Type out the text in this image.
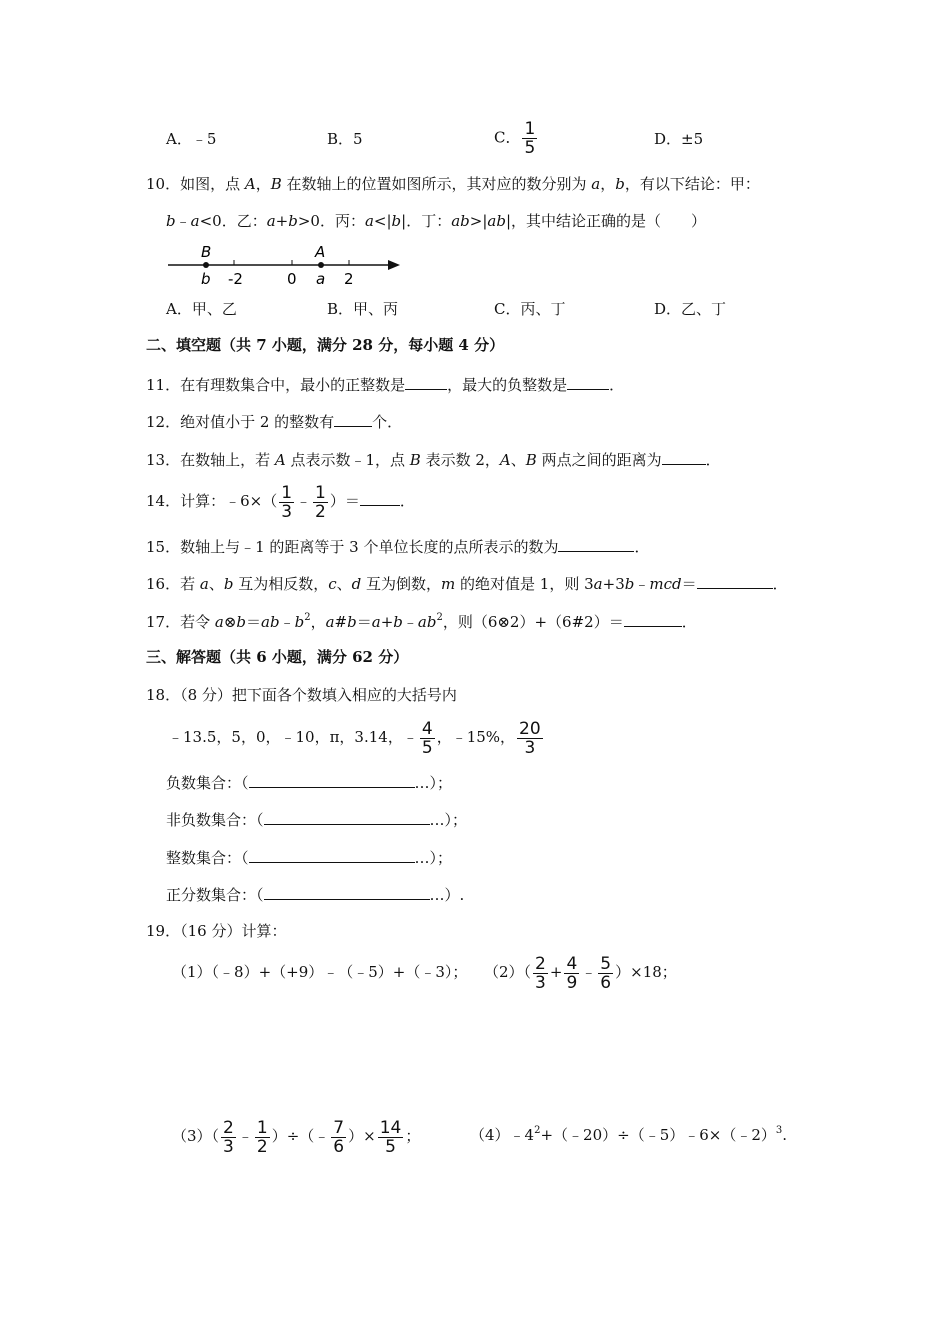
A．﹣5	B．5	C． $\frac{1}{5}$	D．±5
10．如图，点 A，B 在数轴上的位置如图所示，其对应的数分别为 a，b，有以下结论：甲：
b﹣a<0．乙：a+b>0．丙：a<|b|．丁：ab>|ab|，其中结论正确的是（　　）
B
b -2	0
A
a 2
A．甲、乙	B．甲、丙	C．丙、丁	D．乙、丁
二、填空题（共 7 小题，满分 28 分，每小题 4 分）
11．在有理数集合中，最小的正整数是	，最大的负整数是	．
12．绝对值小于 2 的整数有	个．
13．在数轴上，若 A 点表示数﹣1，点 B 表示数 2，A、B 两点之间的距离为	．
14．计算：﹣6×（ $\frac{1}{3}$ ﹣ $\frac{1}{2}$ ）＝	．
15．数轴上与﹣1 的距离等于 3 个单位长度的点所表示的数为	．
16．若 a、b 互为相反数，c、d 互为倒数，m 的绝对值是 1，则 3a+3b﹣mcd＝	．
17．若令 $a\otimes b=ab﹣b^2$，$a\#b=a+b﹣ab^2$，则（6⊗2）+（6#2）＝	．
三、解答题（共 6 小题，满分 62 分）
18．（8 分）把下面各个数填入相应的大括号内
﹣13.5，5，0，﹣10，π，3.14，﹣ $\frac{4}{5}$ ，﹣15%， $\frac{20}{3}$
负数集合：（	…）；
非负数集合：（	…）；
整数集合：（	…）；
正分数集合：（	…）.
19．（16 分）计算：
（1）（﹣8）+（+9）﹣（﹣5）+（﹣3）； $(2)( \frac{2}{3} + \frac{4}{9}$ ﹣ $\frac{5}{6} )\times 18$；
$(3)( \frac{2}{3}$ ﹣ $\frac{1}{2}$ ）÷（﹣ $\frac{7}{6}$ ）× $\frac{14}{5}$ ；	$(4)﹣4^2+(﹣20)\div(﹣5)﹣6\times(﹣2)^3$.
